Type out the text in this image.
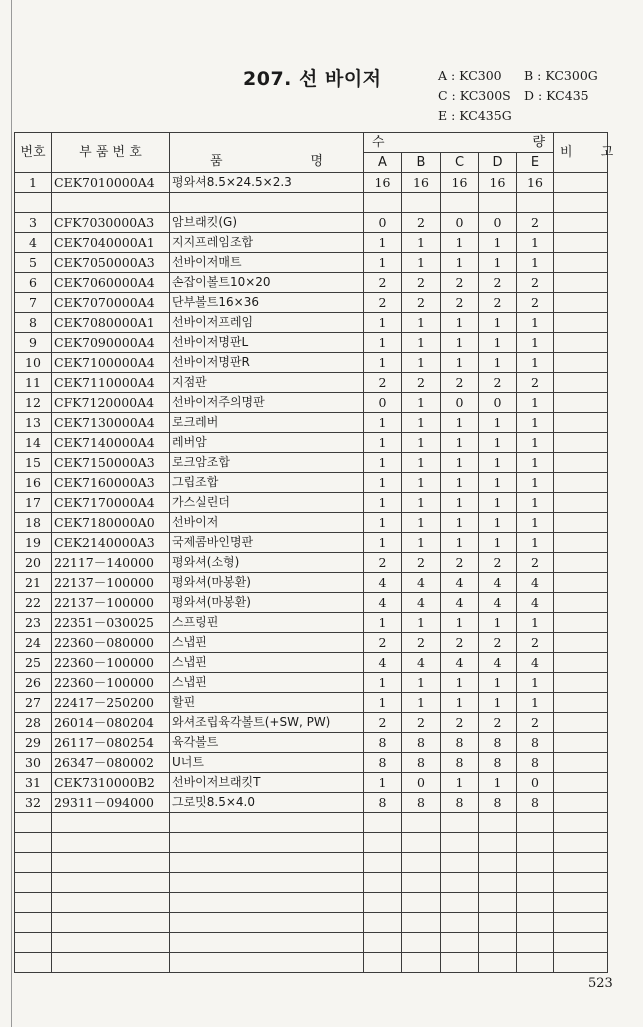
207. 선 바이저	A : KC300 B : KC300G
C : KC300S D : KC435
E : KC435G
번호	부 품 번 호	품 명	수 량					비 고
			A	B	C	D	E	
1	CEK7010000A4	평와셔8.5×24.5×2.3	16	16	16	16	16	

3	CFK7030000A3	암브래킷(G)	0	2	0	0	2	
4	CEK7040000A1	지지프레임조합	1	1	1	1	1	
5	CEK7050000A3	선바이저매트	1	1	1	1	1	
6	CEK7060000A4	손잡이볼트10×20	2	2	2	2	2	
7	CEK7070000A4	단부볼트16×36	2	2	2	2	2	
8	CEK7080000A1	선바이저프레임	1	1	1	1	1	
9	CEK7090000A4	선바이저명판L	1	1	1	1	1	
10	CEK7100000A4	선바이저명판R	1	1	1	1	1	
11	CEK7110000A4	지점판	2	2	2	2	2	
12	CFK7120000A4	선바이저주의명판	0	1	0	0	1	
13	CEK7130000A4	로크레버	1	1	1	1	1	
14	CEK7140000A4	레버암	1	1	1	1	1	
15	CEK7150000A3	로크암조합	1	1	1	1	1	
16	CEK7160000A3	그립조합	1	1	1	1	1	
17	CEK7170000A4	가스실린더	1	1	1	1	1	
18	CEK7180000A0	선바이저	1	1	1	1	1	
19	CEK2140000A3	국제콤바인명판	1	1	1	1	1	
20	22117－140000	평와셔(소형)	2	2	2	2	2	
21	22137－100000	평와셔(마봉환)	4	4	4	4	4	
22	22137－100000	평와셔(마봉환)	4	4	4	4	4	
23	22351－030025	스프링핀	1	1	1	1	1	
24	22360－080000	스냅핀	2	2	2	2	2	
25	22360－100000	스냅핀	4	4	4	4	4	
26	22360－100000	스냅핀	1	1	1	1	1	
27	22417－250200	할핀	1	1	1	1	1	
28	26014－080204	와셔조립육각볼트(+SW, PW)	2	2	2	2	2	
29	26117－080254	육각볼트	8	8	8	8	8	
30	26347－080002	U너트	8	8	8	8	8	
31	CEK7310000B2	선바이저브래킷T	1	0	1	1	0	
32	29311－094000	그로밋8.5×4.0	8	8	8	8	8	

523
